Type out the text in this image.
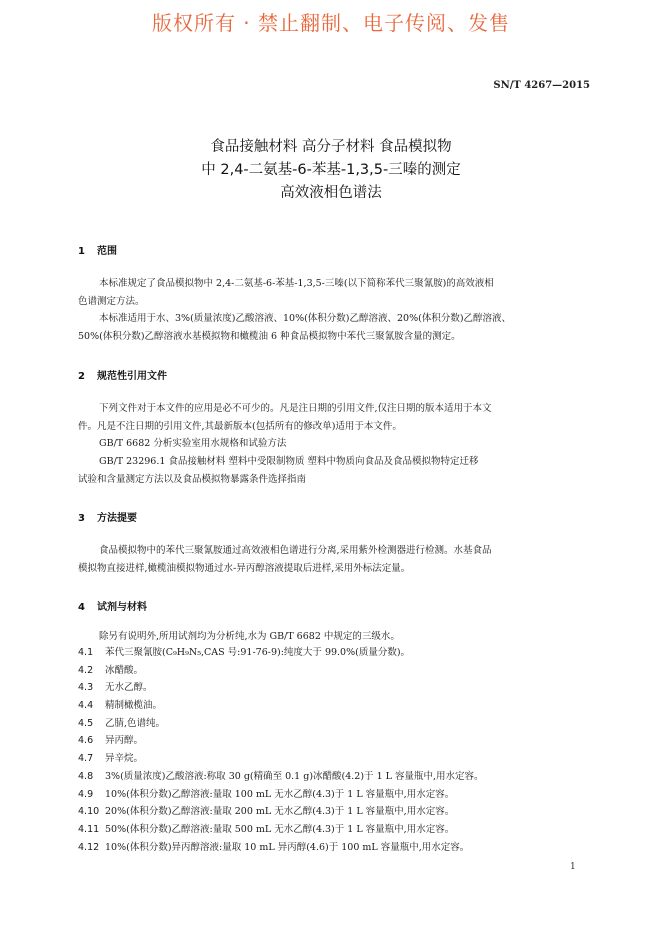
版权所有 · 禁止翻制、电子传阅、发售
SN/T 4267—2015
食品接触材料 高分子材料 食品模拟物
中 2,4-二氨基-6-苯基-1,3,5-三嗪的测定
高效液相色谱法
1 范围
本标准规定了食品模拟物中 2,4-二氨基-6-苯基-1,3,5-三嗪(以下简称苯代三聚氰胺)的高效液相
色谱测定方法。
本标准适用于水、3%(质量浓度)乙酸溶液、10%(体积分数)乙醇溶液、20%(体积分数)乙醇溶液、
50%(体积分数)乙醇溶液水基模拟物和橄榄油 6 种食品模拟物中苯代三聚氰胺含量的测定。
2 规范性引用文件
下列文件对于本文件的应用是必不可少的。凡是注日期的引用文件,仅注日期的版本适用于本文
件。凡是不注日期的引用文件,其最新版本(包括所有的修改单)适用于本文件。
GB/T 6682 分析实验室用水规格和试验方法
GB/T 23296.1 食品接触材料 塑料中受限制物质 塑料中物质向食品及食品模拟物特定迁移
试验和含量测定方法以及食品模拟物暴露条件选择指南
3 方法提要
食品模拟物中的苯代三聚氰胺通过高效液相色谱进行分离,采用紫外检测器进行检测。水基食品
模拟物直接进样,橄榄油模拟物通过水-异丙醇溶液提取后进样,采用外标法定量。
4 试剂与材料
除另有说明外,所用试剂均为分析纯,水为 GB/T 6682 中规定的三级水。
4.1 苯代三聚氰胺(C₉H₉N₅,CAS 号:91-76-9):纯度大于 99.0%(质量分数)。
4.2 冰醋酸。
4.3 无水乙醇。
4.4 精制橄榄油。
4.5 乙腈,色谱纯。
4.6 异丙醇。
4.7 异辛烷。
4.8 3%(质量浓度)乙酸溶液:称取 30 g(精确至 0.1 g)冰醋酸(4.2)于 1 L 容量瓶中,用水定容。
4.9 10%(体积分数)乙醇溶液:量取 100 mL 无水乙醇(4.3)于 1 L 容量瓶中,用水定容。
4.10 20%(体积分数)乙醇溶液:量取 200 mL 无水乙醇(4.3)于 1 L 容量瓶中,用水定容。
4.11 50%(体积分数)乙醇溶液:量取 500 mL 无水乙醇(4.3)于 1 L 容量瓶中,用水定容。
4.12 10%(体积分数)异丙醇溶液:量取 10 mL 异丙醇(4.6)于 100 mL 容量瓶中,用水定容。
1
